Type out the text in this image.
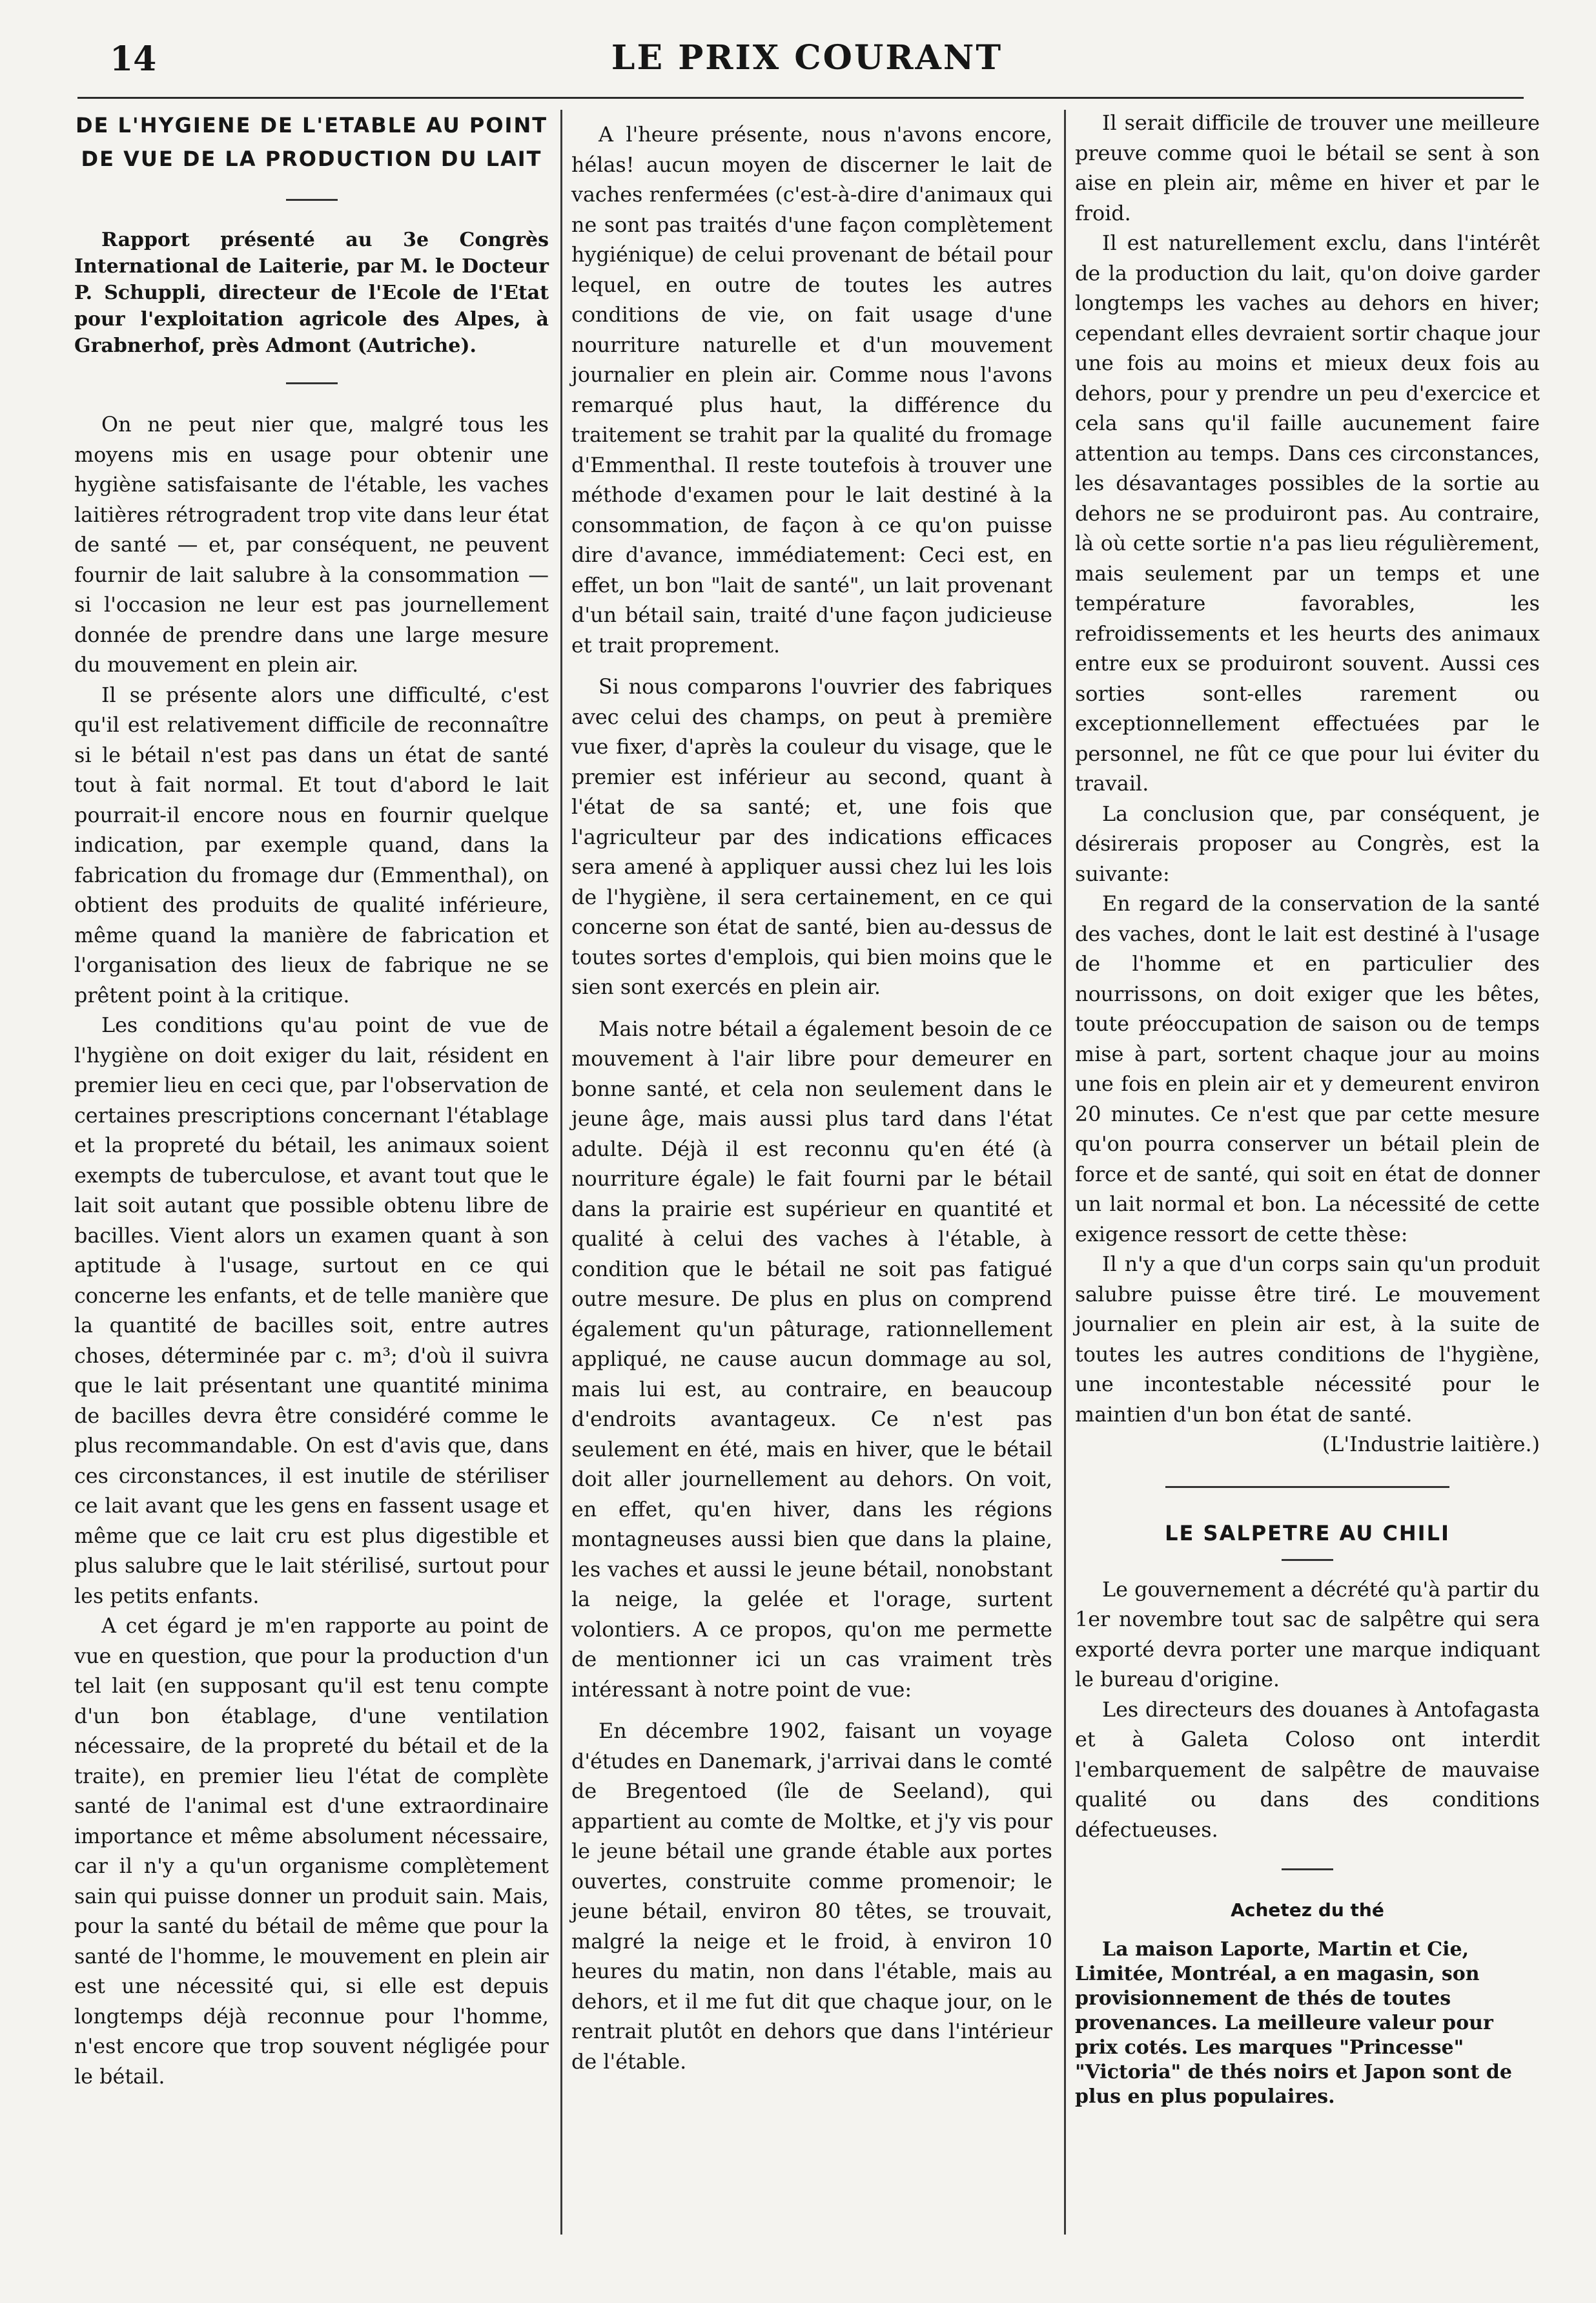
14	LE PRIX COURANT
DE L'HYGIENE DE L'ETABLE AU POINT DE VUE DE LA PRODUCTION DU LAIT

Rapport présenté au 3e Congrès International de Laiterie, par M. le Docteur P. Schuppli, directeur de l'Ecole de l'Etat pour l'exploitation agricole des Alpes, à Grabnerhof, près Admont (Autriche).

On ne peut nier que, malgré tous les moyens mis en usage pour obtenir une hygiène satisfaisante de l'étable, les vaches laitières rétrogradent trop vite dans leur état de santé — et, par conséquent, ne peuvent fournir de lait salubre à la consommation — si l'occasion ne leur est pas journellement donnée de prendre dans une large mesure du mouvement en plein air.

Il se présente alors une difficulté, c'est qu'il est relativement difficile de reconnaître si le bétail n'est pas dans un état de santé tout à fait normal. Et tout d'abord le lait pourrait-il encore nous en fournir quelque indication, par exemple quand, dans la fabrication du fromage dur (Emmenthal), on obtient des produits de qualité inférieure, même quand la manière de fabrication et l'organisation des lieux de fabrique ne se prêtent point à la critique.

Les conditions qu'au point de vue de l'hygiène on doit exiger du lait, résident en premier lieu en ceci que, par l'observation de certaines prescriptions concernant l'établage et la propreté du bétail, les animaux soient exempts de tuberculose, et avant tout que le lait soit autant que possible obtenu libre de bacilles. Vient alors un examen quant à son aptitude à l'usage, surtout en ce qui concerne les enfants, et de telle manière que la quantité de bacilles soit, entre autres choses, déterminée par c. m³; d'où il suivra que le lait présentant une quantité minima de bacilles devra être considéré comme le plus recommandable. On est d'avis que, dans ces circonstances, il est inutile de stériliser ce lait avant que les gens en fassent usage et même que ce lait cru est plus digestible et plus salubre que le lait stérilisé, surtout pour les petits enfants.

A cet égard je m'en rapporte au point de vue en question, que pour la production d'un tel lait (en supposant qu'il est tenu compte d'un bon établage, d'une ventilation nécessaire, de la propreté du bétail et de la traite), en premier lieu l'état de complète santé de l'animal est d'une extraordinaire importance et même absolument nécessaire, car il n'y a qu'un organisme complètement sain qui puisse donner un produit sain. Mais, pour la santé du bétail de même que pour la santé de l'homme, le mouvement en plein air est une nécessité qui, si elle est depuis longtemps déjà reconnue pour l'homme, n'est encore que trop souvent négligée pour le bétail.

A l'heure présente, nous n'avons encore, hélas! aucun moyen de discerner le lait de vaches renfermées (c'est-à-dire d'animaux qui ne sont pas traités d'une façon complètement hygiénique) de celui provenant de bétail pour lequel, en outre de toutes les autres conditions de vie, on fait usage d'une nourriture naturelle et d'un mouvement journalier en plein air. Comme nous l'avons remarqué plus haut, la différence du traitement se trahit par la qualité du fromage d'Emmenthal. Il reste toutefois à trouver une méthode d'examen pour le lait destiné à la consommation, de façon à ce qu'on puisse dire d'avance, immédiatement: Ceci est, en effet, un bon "lait de santé", un lait provenant d'un bétail sain, traité d'une façon judicieuse et trait proprement.

Si nous comparons l'ouvrier des fabriques avec celui des champs, on peut à première vue fixer, d'après la couleur du visage, que le premier est inférieur au second, quant à l'état de sa santé; et, une fois que l'agriculteur par des indications efficaces sera amené à appliquer aussi chez lui les lois de l'hygiène, il sera certainement, en ce qui concerne son état de santé, bien au-dessus de toutes sortes d'emplois, qui bien moins que le sien sont exercés en plein air.

Mais notre bétail a également besoin de ce mouvement à l'air libre pour demeurer en bonne santé, et cela non seulement dans le jeune âge, mais aussi plus tard dans l'état adulte. Déjà il est reconnu qu'en été (à nourriture égale) le fait fourni par le bétail dans la prairie est supérieur en quantité et qualité à celui des vaches à l'étable, à condition que le bétail ne soit pas fatigué outre mesure. De plus en plus on comprend également qu'un pâturage, rationnellement appliqué, ne cause aucun dommage au sol, mais lui est, au contraire, en beaucoup d'endroits avantageux. Ce n'est pas seulement en été, mais en hiver, que le bétail doit aller journellement au dehors. On voit, en effet, qu'en hiver, dans les régions montagneuses aussi bien que dans la plaine, les vaches et aussi le jeune bétail, nonobstant la neige, la gelée et l'orage, surtent volontiers. A ce propos, qu'on me permette de mentionner ici un cas vraiment très intéressant à notre point de vue:

En décembre 1902, faisant un voyage d'études en Danemark, j'arrivai dans le comté de Bregentoed (île de Seeland), qui appartient au comte de Moltke, et j'y vis pour le jeune bétail une grande étable aux portes ouvertes, construite comme promenoir; le jeune bétail, environ 80 têtes, se trouvait, malgré la neige et le froid, à environ 10 heures du matin, non dans l'étable, mais au dehors, et il me fut dit que chaque jour, on le rentrait plutôt en dehors que dans l'intérieur de l'étable.

Il serait difficile de trouver une meilleure preuve comme quoi le bétail se sent à son aise en plein air, même en hiver et par le froid.

Il est naturellement exclu, dans l'intérêt de la production du lait, qu'on doive garder longtemps les vaches au dehors en hiver; cependant elles devraient sortir chaque jour une fois au moins et mieux deux fois au dehors, pour y prendre un peu d'exercice et cela sans qu'il faille aucunement faire attention au temps. Dans ces circonstances, les désavantages possibles de la sortie au dehors ne se produiront pas. Au contraire, là où cette sortie n'a pas lieu régulièrement, mais seulement par un temps et une température favorables, les refroidissements et les heurts des animaux entre eux se produiront souvent. Aussi ces sorties sont-elles rarement ou exceptionnellement effectuées par le personnel, ne fût ce que pour lui éviter du travail.

La conclusion que, par conséquent, je désirerais proposer au Congrès, est la suivante:

En regard de la conservation de la santé des vaches, dont le lait est destiné à l'usage de l'homme et en particulier des nourrissons, on doit exiger que les bêtes, toute préoccupation de saison ou de temps mise à part, sortent chaque jour au moins une fois en plein air et y demeurent environ 20 minutes. Ce n'est que par cette mesure qu'on pourra conserver un bétail plein de force et de santé, qui soit en état de donner un lait normal et bon. La nécessité de cette exigence ressort de cette thèse:

Il n'y a que d'un corps sain qu'un produit salubre puisse être tiré. Le mouvement journalier en plein air est, à la suite de toutes les autres conditions de l'hygiène, une incontestable nécessité pour le maintien d'un bon état de santé.

(L'Industrie laitière.)

LE SALPETRE AU CHILI

Le gouvernement a décrété qu'à partir du 1er novembre tout sac de salpêtre qui sera exporté devra porter une marque indiquant le bureau d'origine.

Les directeurs des douanes à Antofagasta et à Galeta Coloso ont interdit l'embarquement de salpêtre de mauvaise qualité ou dans des conditions défectueuses.

Achetez du thé

La maison Laporte, Martin et Cie, Limitée, Montréal, a en magasin, son provisionnement de thés de toutes provenances. La meilleure valeur pour prix cotés. Les marques "Princesse" "Victoria" de thés noirs et Japon sont de plus en plus populaires.
